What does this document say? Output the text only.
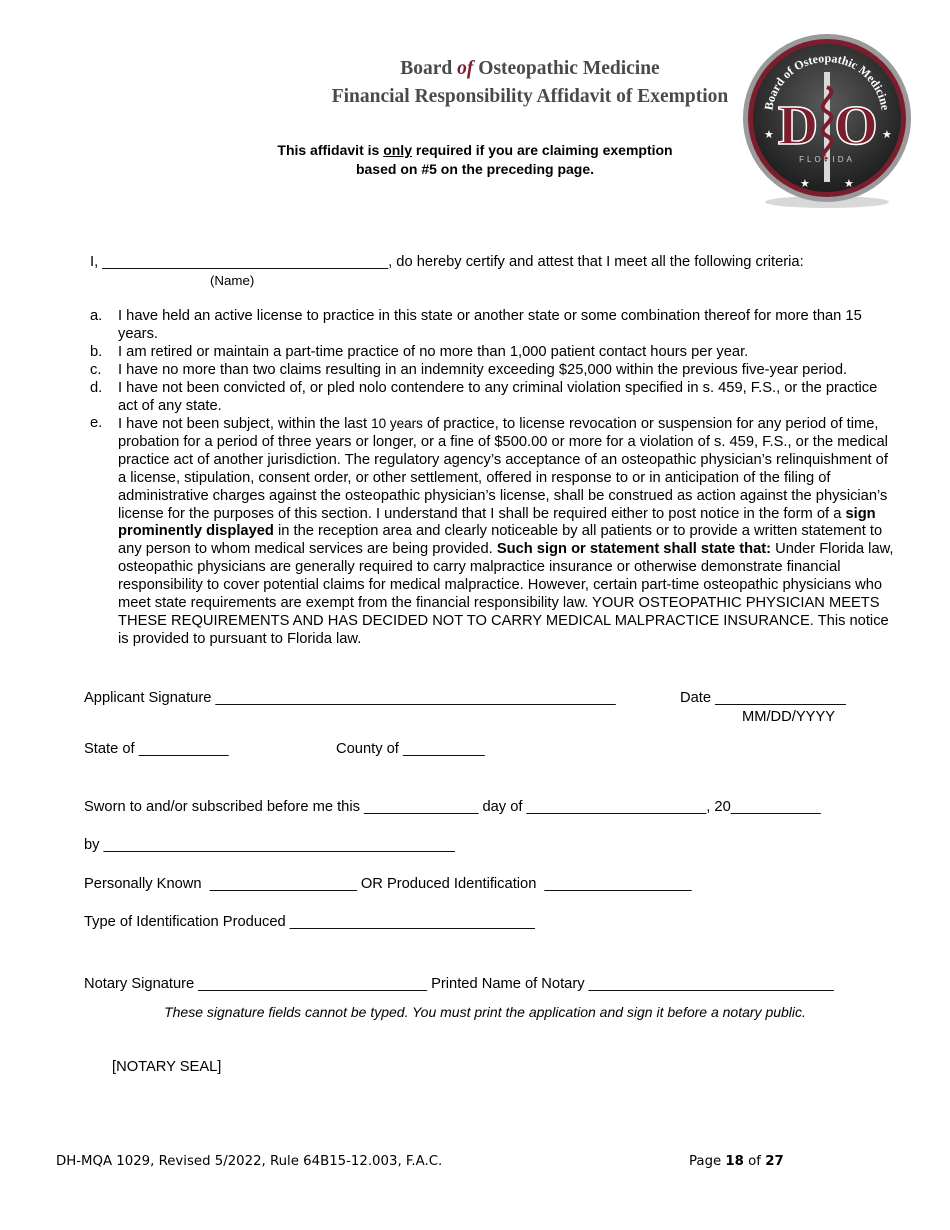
Board of Osteopathic Medicine
Financial Responsibility Affidavit of Exemption
This affidavit is only required if you are claiming exemption
based on #5 on the preceding page.
Board of Osteopathic Medicine
D O
FLORIDA
★	★
★	★
I, ___________________________________, do hereby certify and attest that I meet all the following criteria:
(Name)
a.	I have held an active license to practice in this state or another state or some combination thereof for more than 15 years.
b.	I am retired or maintain a part-time practice of no more than 1,000 patient contact hours per year.
c.	I have no more than two claims resulting in an indemnity exceeding $25,000 within the previous five-year period.
d.	I have not been convicted of, or pled nolo contendere to any criminal violation specified in s. 459, F.S., or the practice act of any state.
e.	I have not been subject, within the last 10 years of practice, to license revocation or suspension for any period of time, probation for a period of three years or longer, or a fine of $500.00 or more for a violation of s. 459, F.S., or the medical practice act of another jurisdiction. The regulatory agency’s acceptance of an osteopathic physician’s relinquishment of a license, stipulation, consent order, or other settlement, offered in response to or in anticipation of the filing of administrative charges against the osteopathic physician’s license, shall be construed as action against the physician’s license for the purposes of this section. I understand that I shall be required either to post notice in the form of a sign prominently displayed in the reception area and clearly noticeable by all patients or to provide a written statement to any person to whom medical services are being provided. Such sign or statement shall state that: Under Florida law, osteopathic physicians are generally required to carry malpractice insurance or otherwise demonstrate financial responsibility to cover potential claims for medical malpractice. However, certain part-time osteopathic physicians who meet state requirements are exempt from the financial responsibility law. YOUR OSTEOPATHIC PHYSICIAN MEETS THESE REQUIREMENTS AND HAS DECIDED NOT TO CARRY MEDICAL MALPRACTICE INSURANCE. This notice is provided to pursuant to Florida law.
Applicant Signature _________________________________________________	Date ________________
MM/DD/YYYY
State of ___________	County of __________
Sworn to and/or subscribed before me this ______________ day of ______________________, 20___________
by ___________________________________________
Personally Known  __________________ OR Produced Identification  __________________
Type of Identification Produced ______________________________
Notary Signature ____________________________ Printed Name of Notary ______________________________
These signature fields cannot be typed. You must print the application and sign it before a notary public.
[NOTARY SEAL]
DH-MQA 1029, Revised 5/2022, Rule 64B15-12.003, F.A.C.	Page 18 of 27
